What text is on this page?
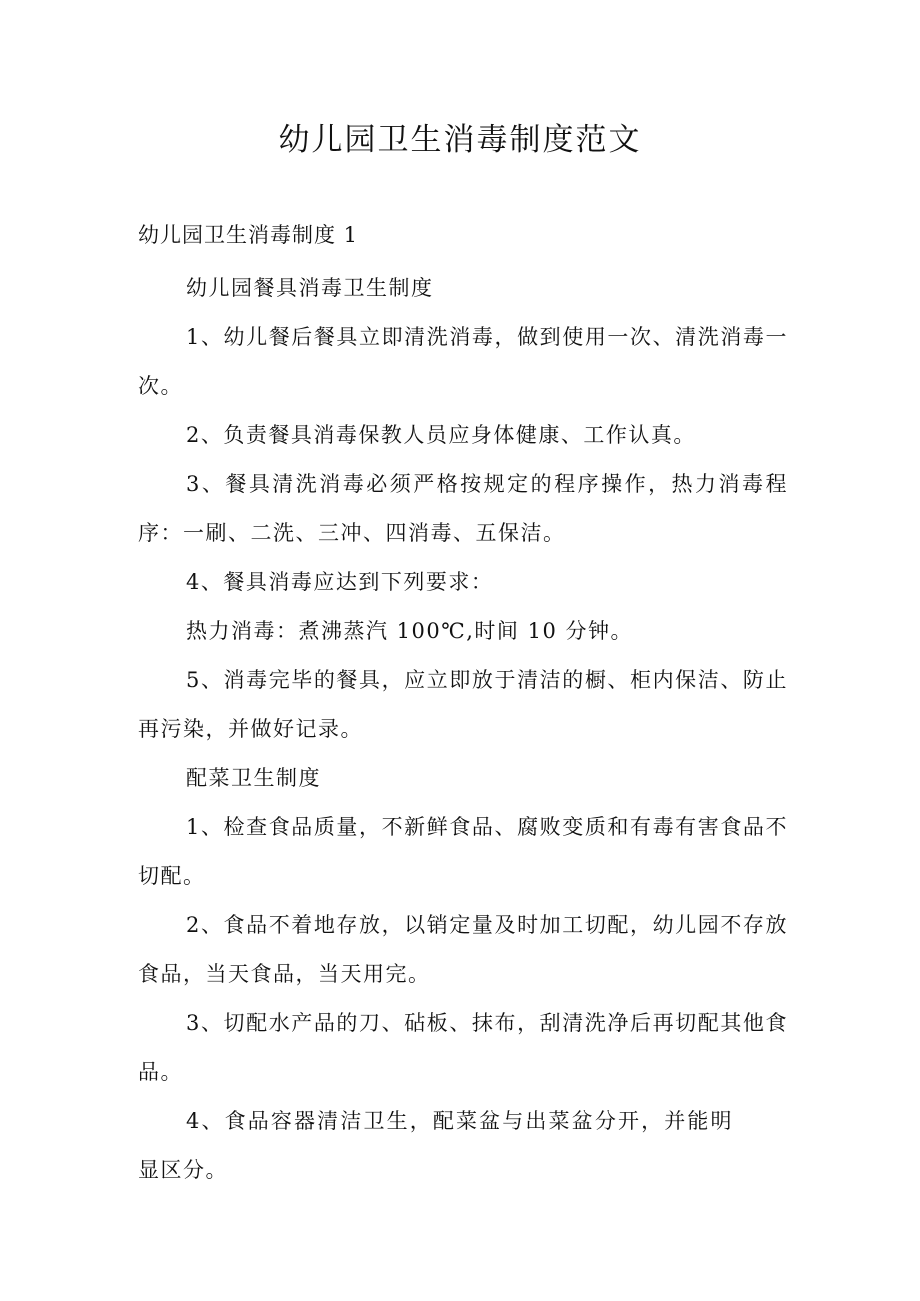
幼儿园卫生消毒制度范文
幼儿园卫生消毒制度 1

幼儿园餐具消毒卫生制度

1、幼儿餐后餐具立即清洗消毒，做到使用一次、清洗消毒一次。

2、负责餐具消毒保教人员应身体健康、工作认真。

3、餐具清洗消毒必须严格按规定的程序操作，热力消毒程序：一刷、二洗、三冲、四消毒、五保洁。

4、餐具消毒应达到下列要求：

热力消毒：煮沸蒸汽 100℃,时间 10 分钟。

5、消毒完毕的餐具，应立即放于清洁的橱、柜内保洁、防止再污染，并做好记录。

配菜卫生制度

1、检查食品质量，不新鲜食品、腐败变质和有毒有害食品不切配。

2、食品不着地存放，以销定量及时加工切配，幼儿园不存放食品，当天食品，当天用完。

3、切配水产品的刀、砧板、抹布，刮清洗净后再切配其他食品。

4、食品容器清洁卫生，配菜盆与出菜盆分开，并能明显区分。
